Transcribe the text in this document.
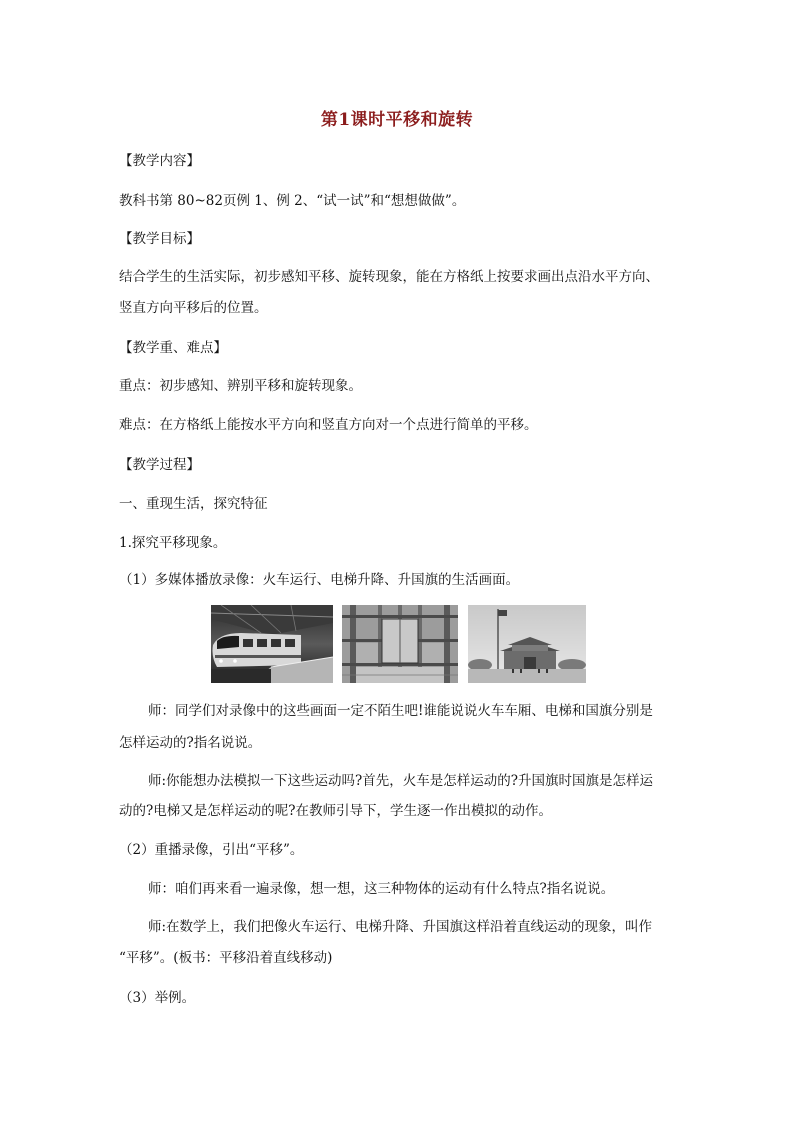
第1课时平移和旋转
【教学内容】
教科书第 80~82页例 1、例 2、“试一试”和“想想做做”。
【教学目标】
结合学生的生活实际，初步感知平移、旋转现象，能在方格纸上按要求画出点沿水平方向、
竖直方向平移后的位置。
【教学重、难点】
重点：初步感知、辨别平移和旋转现象。
难点：在方格纸上能按水平方向和竖直方向对一个点进行简单的平移。
【教学过程】
一、重现生活，探究特征
1.探究平移现象。
（1）多媒体播放录像：火车运行、电梯升降、升国旗的生活画面。
师：同学们对录像中的这些画面一定不陌生吧!谁能说说火车车厢、电梯和国旗分别是
怎样运动的?指名说说。
师:你能想办法模拟一下这些运动吗?首先，火车是怎样运动的?升国旗时国旗是怎样运
动的?电梯又是怎样运动的呢?在教师引导下，学生逐一作出模拟的动作。
（2）重播录像，引出“平移”。
师：咱们再来看一遍录像，想一想，这三种物体的运动有什么特点?指名说说。
师:在数学上，我们把像火车运行、电梯升降、升国旗这样沿着直线运动的现象，叫作
“平移”。(板书：平移沿着直线移动)
（3）举例。
